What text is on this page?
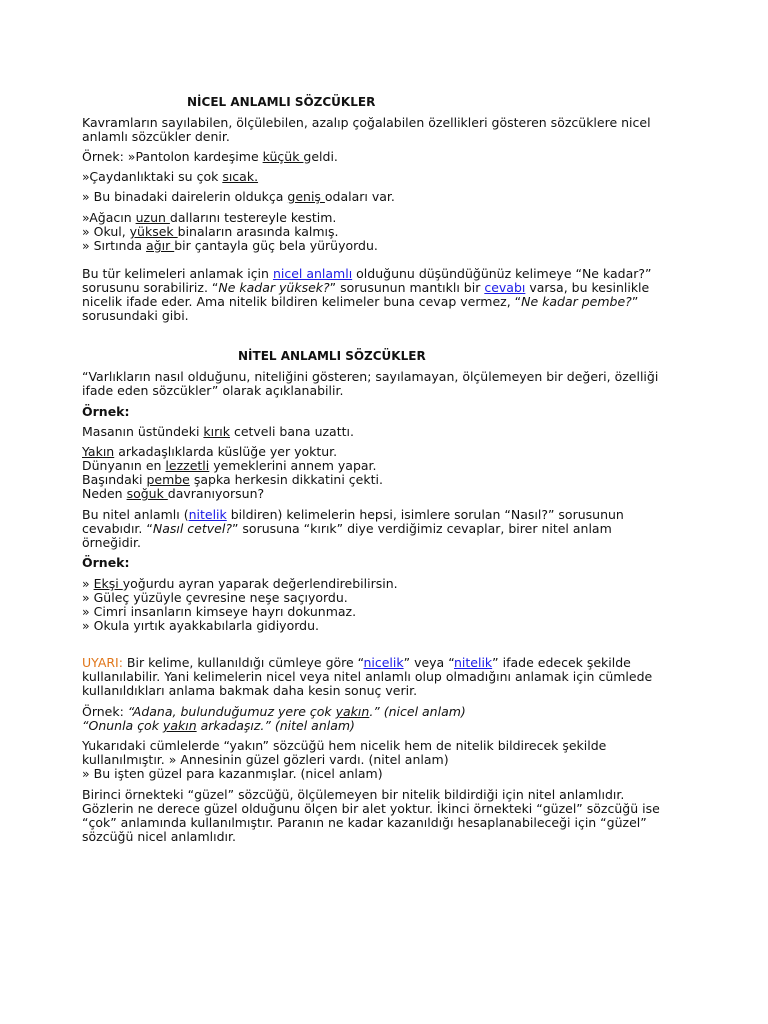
NİCEL ANLAMLI SÖZCÜKLER
Kavramların sayılabilen, ölçülebilen, azalıp çoğalabilen özellikleri gösteren sözcüklere nicel
anlamlı sözcükler denir.
Örnek: »Pantolon kardeşime küçük geldi.
»Çaydanlıktaki su çok sıcak.
» Bu binadaki dairelerin oldukça geniş odaları var.
»Ağacın uzun dallarını testereyle kestim.
» Okul, yüksek binaların arasında kalmış.
» Sırtında ağır bir çantayla güç bela yürüyordu.
Bu tür kelimeleri anlamak için nicel anlamlı olduğunu düşündüğünüz kelimeye “Ne kadar?”
sorusunu sorabiliriz. “Ne kadar yüksek?” sorusunun mantıklı bir cevabı varsa, bu kesinlikle
nicelik ifade eder. Ama nitelik bildiren kelimeler buna cevap vermez, “Ne kadar pembe?”
sorusundaki gibi.
NİTEL ANLAMLI SÖZCÜKLER
“Varlıkların nasıl olduğunu, niteliğini gösteren; sayılamayan, ölçülemeyen bir değeri, özelliği
ifade eden sözcükler” olarak açıklanabilir.
Örnek:
Masanın üstündeki kırık cetveli bana uzattı.
Yakın arkadaşlıklarda küslüğe yer yoktur.
Dünyanın en lezzetli yemeklerini annem yapar.
Başındaki pembe şapka herkesin dikkatini çekti.
Neden soğuk davranıyorsun?
Bu nitel anlamlı (nitelik bildiren) kelimelerin hepsi, isimlere sorulan “Nasıl?” sorusunun
cevabıdır. “Nasıl cetvel?” sorusuna “kırık” diye verdiğimiz cevaplar, birer nitel anlam
örneğidir.
Örnek:
» Ekşi yoğurdu ayran yaparak değerlendirebilirsin.
» Güleç yüzüyle çevresine neşe saçıyordu.
» Cimri insanların kimseye hayrı dokunmaz.
» Okula yırtık ayakkabılarla gidiyordu.
UYARI: Bir kelime, kullanıldığı cümleye göre “nicelik” veya “nitelik” ifade edecek şekilde
kullanılabilir. Yani kelimelerin nicel veya nitel anlamlı olup olmadığını anlamak için cümlede
kullanıldıkları anlama bakmak daha kesin sonuç verir.
Örnek: “Adana, bulunduğumuz yere çok yakın.” (nicel anlam)
“Onunla çok yakın arkadaşız.” (nitel anlam)
Yukarıdaki cümlelerde “yakın” sözcüğü hem nicelik hem de nitelik bildirecek şekilde
kullanılmıştır. » Annesinin güzel gözleri vardı. (nitel anlam)
» Bu işten güzel para kazanmışlar. (nicel anlam)
Birinci örnekteki “güzel” sözcüğü, ölçülemeyen bir nitelik bildirdiği için nitel anlamlıdır.
Gözlerin ne derece güzel olduğunu ölçen bir alet yoktur. İkinci örnekteki “güzel” sözcüğü ise
“çok” anlamında kullanılmıştır. Paranın ne kadar kazanıldığı hesaplanabileceği için “güzel”
sözcüğü nicel anlamlıdır.
